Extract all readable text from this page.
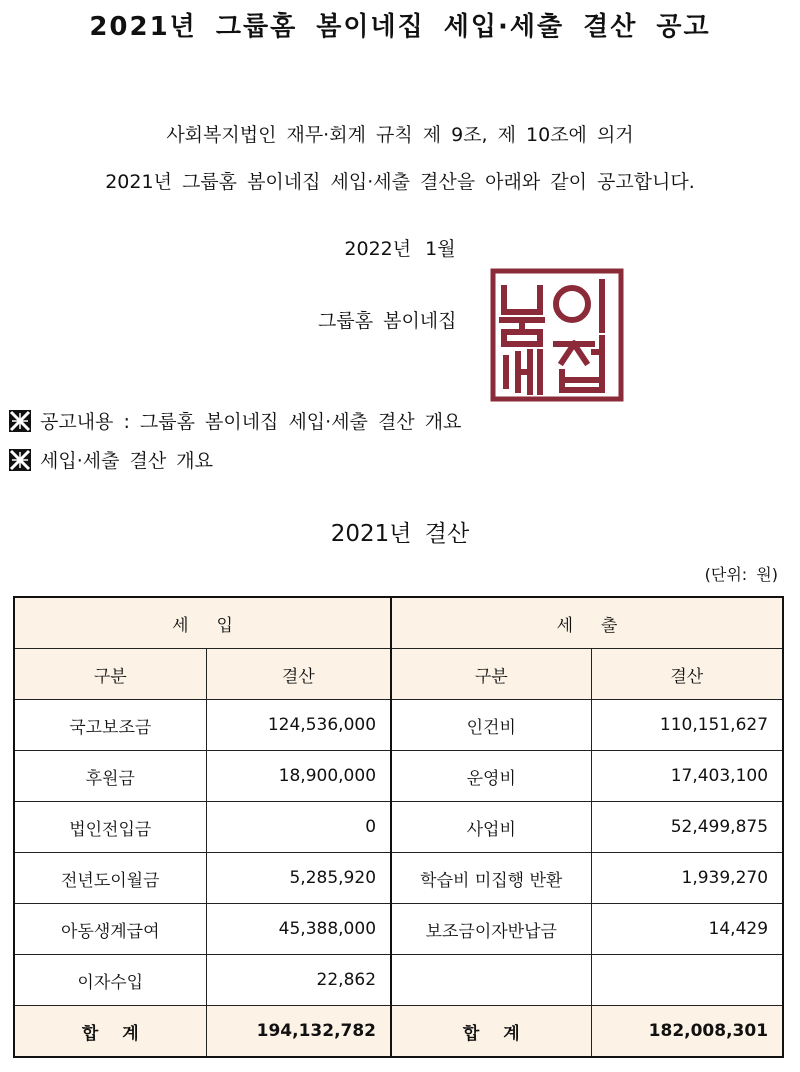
2021년 그룹홈 봄이네집 세입·세출 결산 공고
사회복지법인 재무·회계 규칙 제 9조, 제 10조에 의거
2021년 그룹홈 봄이네집 세입·세출 결산을 아래와 같이 공고합니다.
2022년 1월
그룹홈 봄이네집
공고내용 : 그룹홈 봄이네집 세입·세출 결산 개요
세입·세출 결산 개요
2021년 결산
(단위: 원)
세입		세출	
구분	결산	구분	결산
국고보조금	124,536,000	인건비	110,151,627
후원금	18,900,000	운영비	17,403,100
법인전입금	0	사업비	52,499,875
전년도이월금	5,285,920	학습비 미집행 반환	1,939,270
아동생계급여	45,388,000	보조금이자반납금	14,429
이자수입	22,862		
합계	194,132,782	합계	182,008,301
